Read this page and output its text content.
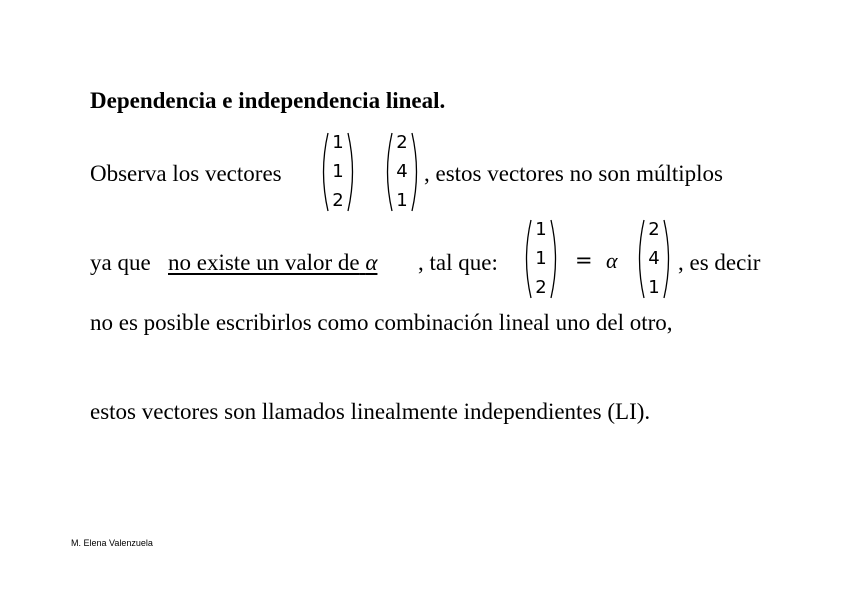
Dependencia e independencia lineal.
Observa los vectores
1
1
2
2
4
1
, estos vectores no son múltiplos
ya que no existe un valor de α , tal que:
1
1
2
= α
2
4
1
, es decir
no es posible escribirlos como combinación lineal uno del otro,
estos vectores son llamados linealmente independientes (LI).
M. Elena Valenzuela
